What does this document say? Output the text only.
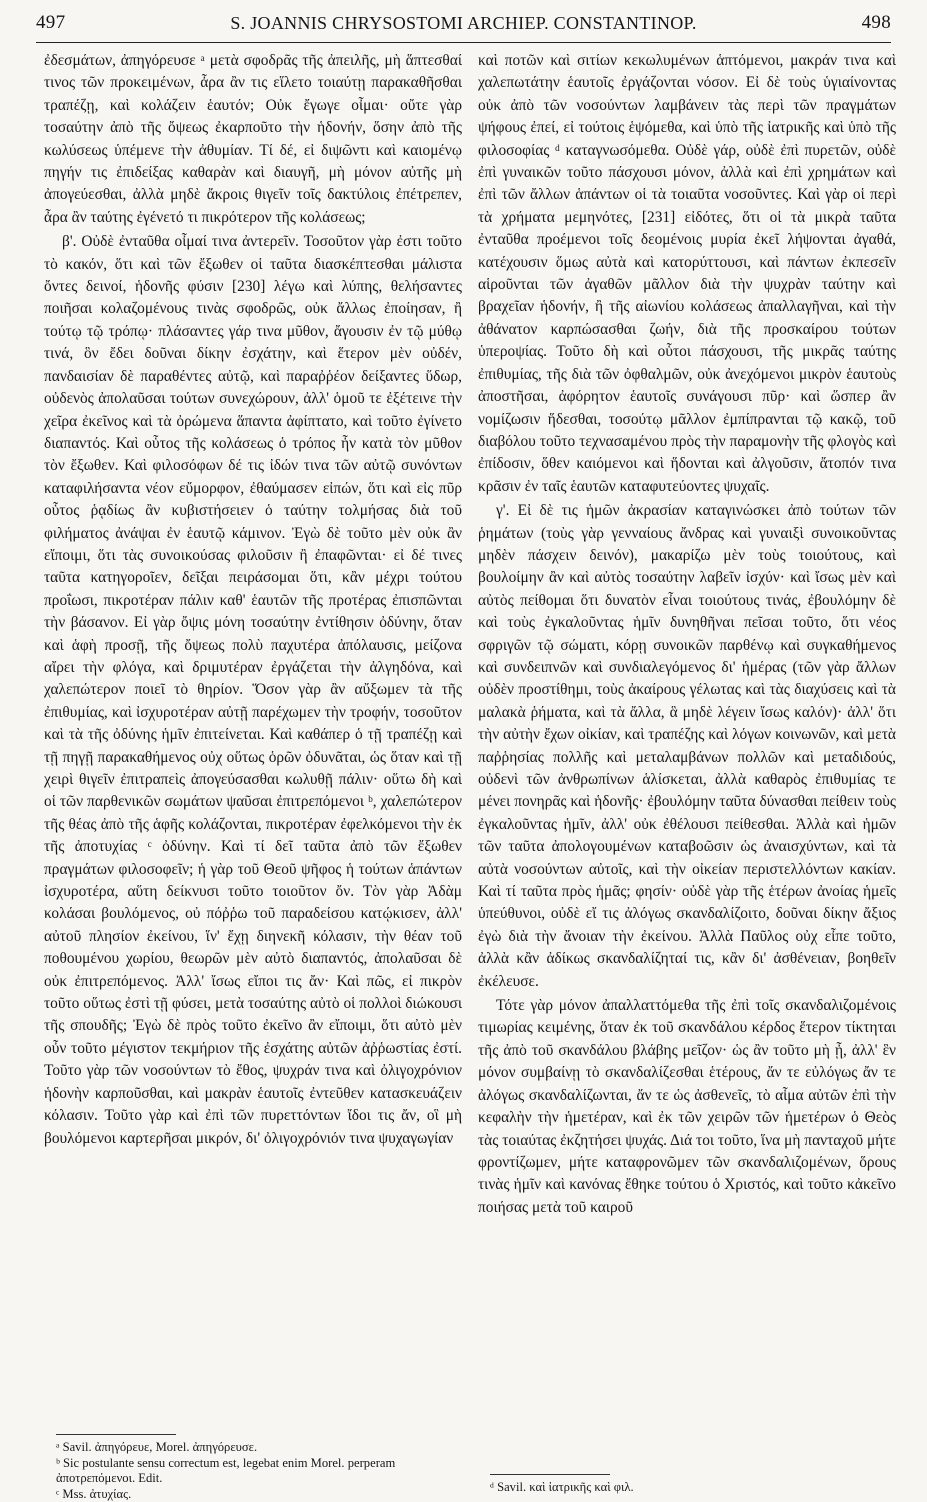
497	S. JOANNIS CHRYSOSTOMI ARCHIEP. CONSTANTINOP.	498

ἐδεσμάτων, ἀπηγόρευσε ᵃ μετὰ σφοδρᾶς τῆς ἀπειλῆς, μὴ ἅπτεσθαί τινος τῶν προκειμένων, ἆρα ἂν τις εἵλετο τοιαύτῃ παρακαθῆσθαι τραπέζῃ, καὶ κολάζειν ἑαυτόν; Οὐκ ἔγωγε οἶμαι· οὔτε γὰρ τοσαύτην ἀπὸ τῆς ὄψεως ἐκαρποῦτο τὴν ἡδονήν, ὅσην ἀπὸ τῆς κωλύσεως ὑπέμενε τὴν ἀθυμίαν. Τί δέ, εἰ διψῶντι καὶ καιομένῳ πηγήν τις ἐπιδείξας καθαρὰν καὶ διαυγῆ, μὴ μόνον αὐτῆς μὴ ἀπογεύεσθαι, ἀλλὰ μηδὲ ἄκροις θιγεῖν τοῖς δακτύλοις ἐπέτρεπεν, ἆρα ἂν ταύτης ἐγένετό τι πικρότερον τῆς κολάσεως;

β'. Οὐδὲ ἐνταῦθα οἶμαί τινα ἀντερεῖν. Τοσοῦτον γὰρ ἐστι τοῦτο τὸ κακόν, ὅτι καὶ τῶν ἔξωθεν οἱ ταῦτα διασκέπτεσθαι μάλιστα ὄντες δεινοί, ἡδονῆς φύσιν [230] λέγω καὶ λύπης, θελήσαντες ποιῆσαι κολαζομένους τινὰς σφοδρῶς, οὐκ ἄλλως ἐποίησαν, ἢ τούτῳ τῷ τρόπῳ· πλάσαντες γάρ τινα μῦθον, ἄγουσιν ἐν τῷ μύθῳ τινά, ὃν ἔδει δοῦναι δίκην ἐσχάτην, καὶ ἕτερον μὲν οὐδέν, πανδαισίαν δὲ παραθέντες αὐτῷ, καὶ παραῤῥέον δείξαντες ὕδωρ, οὐδενὸς ἀπολαῦσαι τούτων συνεχώρουν, ἀλλ' ὁμοῦ τε ἐξέτεινε τὴν χεῖρα ἐκεῖνος καὶ τὰ ὀρώμενα ἅπαντα ἀφίπτατο, καὶ τοῦτο ἐγίνετο διαπαντός. Καὶ οὗτος τῆς κολάσεως ὁ τρόπος ἦν κατὰ τὸν μῦθον τὸν ἔξωθεν. Καὶ φιλοσόφων δέ τις ἰδών τινα τῶν αὐτῷ συνόντων καταφιλήσαντα νέον εὔμορφον, ἐθαύμασεν εἰπών, ὅτι καὶ εἰς πῦρ οὗτος ῥᾳδίως ἂν κυβιστήσειεν ὁ ταύτην τολμήσας διὰ τοῦ φιλήματος ἀνάψαι ἐν ἑαυτῷ κάμινον. Ἐγὼ δὲ τοῦτο μὲν οὐκ ἂν εἴποιμι, ὅτι τὰς συνοικούσας φιλοῦσιν ἢ ἐπαφῶνται· εἰ δέ τινες ταῦτα κατηγοροῖεν, δεῖξαι πειράσομαι ὅτι, κἂν μέχρι τούτου προΐωσι, πικροτέραν πάλιν καθ' ἑαυτῶν τῆς προτέρας ἐπισπῶνται τὴν βάσανον. Εἰ γὰρ ὄψις μόνη τοσαύτην ἐντίθησιν ὀδύνην, ὅταν καὶ ἁφὴ προσῇ, τῆς ὄψεως πολὺ παχυτέρα ἀπόλαυσις, μείζονα αἴρει τὴν φλόγα, καὶ δριμυτέραν ἐργάζεται τὴν ἀλγηδόνα, καὶ χαλεπώτερον ποιεῖ τὸ θηρίον. Ὅσον γὰρ ἂν αὔξωμεν τὰ τῆς ἐπιθυμίας, καὶ ἰσχυροτέραν αὐτῇ παρέχωμεν τὴν τροφήν, τοσοῦτον καὶ τὰ τῆς ὀδύνης ἡμῖν ἐπιτείνεται. Καὶ καθάπερ ὁ τῇ τραπέζῃ καὶ τῇ πηγῇ παρακαθήμενος οὐχ οὕτως ὁρῶν ὀδυνᾶται, ὡς ὅταν καὶ τῇ χειρὶ θιγεῖν ἐπιτραπεὶς ἀπογεύσασθαι κωλυθῇ πάλιν· οὕτω δὴ καὶ οἱ τῶν παρθενικῶν σωμάτων ψαῦσαι ἐπιτρεπόμενοι ᵇ, χαλεπώτερον τῆς θέας ἀπὸ τῆς ἁφῆς κολάζονται, πικροτέραν ἐφελκόμενοι τὴν ἐκ τῆς ἀποτυχίας ᶜ ὀδύνην. Καὶ τί δεῖ ταῦτα ἀπὸ τῶν ἔξωθεν πραγμάτων φιλοσοφεῖν; ἡ γὰρ τοῦ Θεοῦ ψῆφος ἡ τούτων ἁπάντων ἰσχυροτέρα, αὕτη δείκνυσι τοῦτο τοιοῦτον ὄν. Τὸν γὰρ Ἀδὰμ κολάσαι βουλόμενος, οὐ πόῤῥω τοῦ παραδείσου κατῴκισεν, ἀλλ' αὐτοῦ πλησίον ἐκείνου, ἵν' ἔχῃ διηνεκῆ κόλασιν, τὴν θέαν τοῦ ποθουμένου χωρίου, θεωρῶν μὲν αὐτὸ διαπαντός, ἀπολαῦσαι δὲ οὐκ ἐπιτρεπόμενος. Ἀλλ' ἴσως εἴποι τις ἄν· Καὶ πῶς, εἰ πικρὸν τοῦτο οὕτως ἐστὶ τῇ φύσει, μετὰ τοσαύτης αὐτὸ οἱ πολλοὶ διώκουσι τῆς σπουδῆς; Ἐγὼ δὲ πρὸς τοῦτο ἐκεῖνο ἂν εἴποιμι, ὅτι αὐτὸ μὲν οὖν τοῦτο μέγιστον τεκμήριον τῆς ἐσχάτης αὐτῶν ἀῤῥωστίας ἐστί. Τοῦτο γὰρ τῶν νοσούντων τὸ ἔθος, ψυχράν τινα καὶ ὀλιγοχρόνιον ἡδονὴν καρποῦσθαι, καὶ μακρὰν ἑαυτοῖς ἐντεῦθεν κατασκευάζειν κόλασιν. Τοῦτο γὰρ καὶ ἐπὶ τῶν πυρεττόντων ἴδοι τις ἄν, οἳ μὴ βουλόμενοι καρτερῆσαι μικρόν, δι' ὀλιγοχρόνιόν τινα ψυχαγωγίαν

καὶ ποτῶν καὶ σιτίων κεκωλυμένων ἁπτόμενοι, μακράν τινα καὶ χαλεπωτάτην ἑαυτοῖς ἐργάζονται νόσον. Εἰ δὲ τοὺς ὑγιαίνοντας οὐκ ἀπὸ τῶν νοσούντων λαμβάνειν τὰς περὶ τῶν πραγμάτων ψήφους ἐπεί, εἰ τούτοις ἑψόμεθα, καὶ ὑπὸ τῆς ἰατρικῆς καὶ ὑπὸ τῆς φιλοσοφίας ᵈ καταγνωσόμεθα. Οὐδὲ γάρ, οὐδὲ ἐπὶ πυρετῶν, οὐδὲ ἐπὶ γυναικῶν τοῦτο πάσχουσι μόνον, ἀλλὰ καὶ ἐπὶ χρημάτων καὶ ἐπὶ τῶν ἄλλων ἁπάντων οἱ τὰ τοιαῦτα νοσοῦντες. Καὶ γὰρ οἱ περὶ τὰ χρήματα μεμηνότες, [231] εἰδότες, ὅτι οἱ τὰ μικρὰ ταῦτα ἐνταῦθα προέμενοι τοῖς δεομένοις μυρία ἐκεῖ λήψονται ἀγαθά, κατέχουσιν ὅμως αὐτὰ καὶ κατορύττουσι, καὶ πάντων ἐκπεσεῖν αἱροῦνται τῶν ἀγαθῶν μᾶλλον διὰ τὴν ψυχρὰν ταύτην καὶ βραχεῖαν ἡδονήν, ἢ τῆς αἰωνίου κολάσεως ἀπαλλαγῆναι, καὶ τὴν ἀθάνατον καρπώσασθαι ζωήν, διὰ τῆς προσκαίρου τούτων ὑπεροψίας. Τοῦτο δὴ καὶ οὗτοι πάσχουσι, τῆς μικρᾶς ταύτης ἐπιθυμίας, τῆς διὰ τῶν ὀφθαλμῶν, οὐκ ἀνεχόμενοι μικρὸν ἑαυτοὺς ἀποστῆσαι, ἀφόρητον ἑαυτοῖς συνάγουσι πῦρ· καὶ ὥσπερ ἂν νομίζωσιν ἥδεσθαι, τοσούτῳ μᾶλλον ἐμπίπρανται τῷ κακῷ, τοῦ διαβόλου τοῦτο τεχνασαμένου πρὸς τὴν παραμονὴν τῆς φλογὸς καὶ ἐπίδοσιν, ὅθεν καιόμενοι καὶ ἥδονται καὶ ἀλγοῦσιν, ἄτοπόν τινα κρᾶσιν ἐν ταῖς ἑαυτῶν καταφυτεύοντες ψυχαῖς.

γ'. Εἰ δὲ τις ἡμῶν ἀκρασίαν καταγινώσκει ἀπὸ τούτων τῶν ῥημάτων (τοὺς γὰρ γενναίους ἄνδρας καὶ γυναιξὶ συνοικοῦντας μηδὲν πάσχειν δεινόν), μακαρίζω μὲν τοὺς τοιούτους, καὶ βουλοίμην ἂν καὶ αὐτὸς τοσαύτην λαβεῖν ἰσχύν· καὶ ἴσως μὲν καὶ αὐτὸς πείθομαι ὅτι δυνατὸν εἶναι τοιούτους τινάς, ἐβουλόμην δὲ καὶ τοὺς ἐγκαλοῦντας ἡμῖν δυνηθῆναι πεῖσαι τοῦτο, ὅτι νέος σφριγῶν τῷ σώματι, κόρῃ συνοικῶν παρθένῳ καὶ συγκαθήμενος καὶ συνδειπνῶν καὶ συνδιαλεγόμενος δι' ἡμέρας (τῶν γὰρ ἄλλων οὐδὲν προστίθημι, τοὺς ἀκαίρους γέλωτας καὶ τὰς διαχύσεις καὶ τὰ μαλακὰ ῥήματα, καὶ τὰ ἄλλα, ἃ μηδὲ λέγειν ἴσως καλόν)· ἀλλ' ὅτι τὴν αὐτὴν ἔχων οἰκίαν, καὶ τραπέζης καὶ λόγων κοινωνῶν, καὶ μετὰ παῤῥησίας πολλῆς καὶ μεταλαμβάνων πολλῶν καὶ μεταδιδούς, οὐδενὶ τῶν ἀνθρωπίνων ἁλίσκεται, ἀλλὰ καθαρὸς ἐπιθυμίας τε μένει πονηρᾶς καὶ ἡδονῆς· ἐβουλόμην ταῦτα δύνασθαι πείθειν τοὺς ἐγκαλοῦντας ἡμῖν, ἀλλ' οὐκ ἐθέλουσι πείθεσθαι. Ἀλλὰ καὶ ἡμῶν τῶν ταῦτα ἀπολογουμένων καταβοῶσιν ὡς ἀναισχύντων, καὶ τὰ αὐτὰ νοσούντων αὐτοῖς, καὶ τὴν οἰκείαν περιστελλόντων κακίαν. Καὶ τί ταῦτα πρὸς ἡμᾶς; φησίν· οὐδὲ γὰρ τῆς ἑτέρων ἀνοίας ἡμεῖς ὑπεύθυνοι, οὐδὲ εἴ τις ἀλόγως σκανδαλίζοιτο, δοῦναι δίκην ἄξιος ἐγὼ διὰ τὴν ἄνοιαν τὴν ἐκείνου. Ἀλλὰ Παῦλος οὐχ εἶπε τοῦτο, ἀλλὰ κἂν ἀδίκως σκανδαλίζηταί τις, κἂν δι' ἀσθένειαν, βοηθεῖν ἐκέλευσε.

Τότε γὰρ μόνον ἀπαλλαττόμεθα τῆς ἐπὶ τοῖς σκανδαλιζομένοις τιμωρίας κειμένης, ὅταν ἐκ τοῦ σκανδάλου κέρδος ἕτερον τίκτηται τῆς ἀπὸ τοῦ σκανδάλου βλάβης μεῖζον· ὡς ἂν τοῦτο μὴ ᾖ, ἀλλ' ἓν μόνον συμβαίνῃ τὸ σκανδαλίζεσθαι ἑτέρους, ἄν τε εὐλόγως ἄν τε ἀλόγως σκανδαλίζωνται, ἄν τε ὡς ἀσθενεῖς, τὸ αἷμα αὐτῶν ἐπὶ τὴν κεφαλὴν τὴν ἡμετέραν, καὶ ἐκ τῶν χειρῶν τῶν ἡμετέρων ὁ Θεὸς τὰς τοιαύτας ἐκζητήσει ψυχάς. Διά τοι τοῦτο, ἵνα μὴ πανταχοῦ μήτε φροντίζωμεν, μήτε καταφρονῶμεν τῶν σκανδαλιζομένων, ὅρους τινὰς ἡμῖν καὶ κανόνας ἔθηκε τούτου ὁ Χριστός, καὶ τοῦτο κἀκεῖνο ποιήσας μετὰ τοῦ καιροῦ

ᵃ Savil. ἀπηγόρευε, Morel. ἀπηγόρευσε.
ᵇ Sic postulante sensu correctum est, legebat enim Morel. perperam ἀποτρεπόμενοι. Edit.
ᶜ Mss. ἀτυχίας.	ᵈ Savil. καὶ ἰατρικῆς καὶ φιλ.
